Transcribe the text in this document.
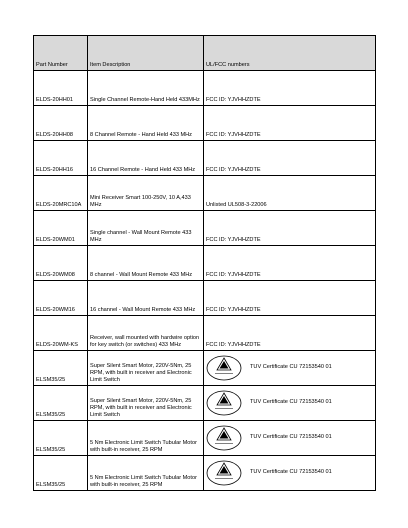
Part Number	Item Description	UL/FCC numbers
ELDS-20HH01	Single Channel Remote-Hand Held 433MHz	FCC ID: YJVHHZDTE
ELDS-20HH08	8 Channel Remote - Hand Held 433 MHz	FCC ID: YJVHHZDTE
ELDS-20HH16	16 Channel Remote - Hand Held 433 MHz	FCC ID: YJVHHZDTE
ELDS-20MRC10A	Mini Receiver Smart 100-250V, 10 A,433 MHz	Unlisted UL508-3-22006
ELDS-20WM01	Single channel - Wall Mount Remote 433 MHz	FCC ID: YJVHHZDTE
ELDS-20WM08	8 channel - Wall Mount Remote 433 MHz	FCC ID: YJVHHZDTE
ELDS-20WM16	16 channel - Wall Mount Remote 433 MHz	FCC ID: YJVHHZDTE
ELDS-20WM-KS	Receiver, wall mounted with hardwire option for key switch (or switches) 433 MHz	FCC ID: YJVHHZDTE
ELSM35/25	Super Silent Smart Motor, 220V-5Nm, 25 RPM, with built in receiver and Electronic Limit Switch	TUV Certificate CU 72153540 01

ELSM35/25	Super Silent Smart Motor, 220V-5Nm, 25 RPM, with built in receiver and Electronic Limit Switch	TUV Certificate CU 72153540 01

ELSM35/25	5 Nm Electronic Limit Switch Tubular Motor with built-in receiver, 25 RPM	TUV Certificate CU 72153540 01

ELSM35/25	5 Nm Electronic Limit Switch Tubular Motor with built-in receiver, 25 RPM	TUV Certificate CU 72153540 01
